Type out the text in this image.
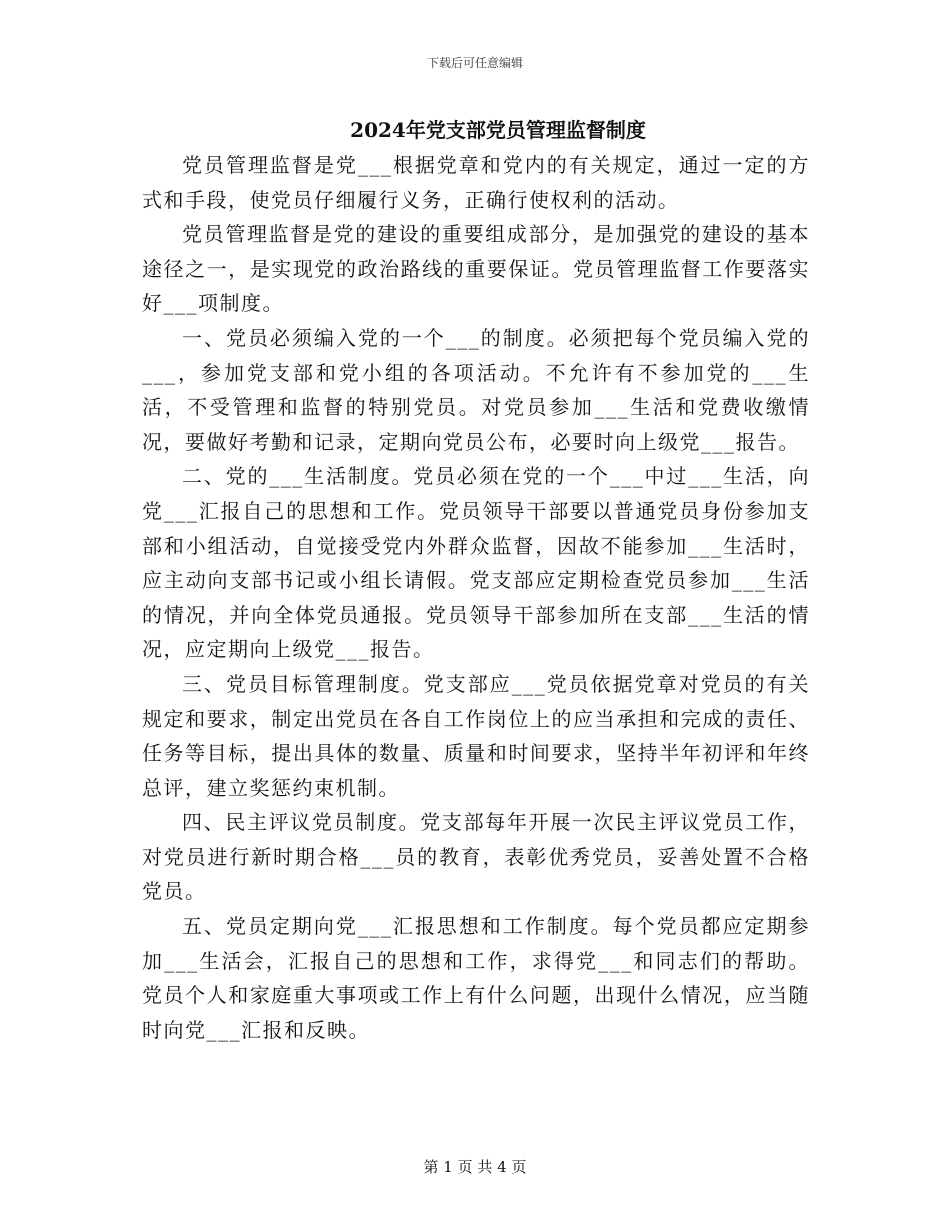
下载后可任意编辑
2024年党支部党员管理监督制度

党员管理监督是党___根据党章和党内的有关规定，通过一定的方式和手段，使党员仔细履行义务，正确行使权利的活动。

党员管理监督是党的建设的重要组成部分，是加强党的建设的基本途径之一，是实现党的政治路线的重要保证。党员管理监督工作要落实好___项制度。

一、党员必须编入党的一个___的制度。必须把每个党员编入党的___，参加党支部和党小组的各项活动。不允许有不参加党的___生活，不受管理和监督的特别党员。对党员参加___生活和党费收缴情况，要做好考勤和记录，定期向党员公布，必要时向上级党___报告。

二、党的___生活制度。党员必须在党的一个___中过___生活，向党___汇报自己的思想和工作。党员领导干部要以普通党员身份参加支部和小组活动，自觉接受党内外群众监督，因故不能参加___生活时，应主动向支部书记或小组长请假。党支部应定期检查党员参加___生活的情况，并向全体党员通报。党员领导干部参加所在支部___生活的情况，应定期向上级党___报告。

三、党员目标管理制度。党支部应___党员依据党章对党员的有关规定和要求，制定出党员在各自工作岗位上的应当承担和完成的责任、任务等目标，提出具体的数量、质量和时间要求，坚持半年初评和年终总评，建立奖惩约束机制。

四、民主评议党员制度。党支部每年开展一次民主评议党员工作，对党员进行新时期合格___员的教育，表彰优秀党员，妥善处置不合格党员。

五、党员定期向党___汇报思想和工作制度。每个党员都应定期参加___生活会，汇报自己的思想和工作，求得党___和同志们的帮助。党员个人和家庭重大事项或工作上有什么问题，出现什么情况，应当随时向党___汇报和反映。

第 1 页 共 4 页
